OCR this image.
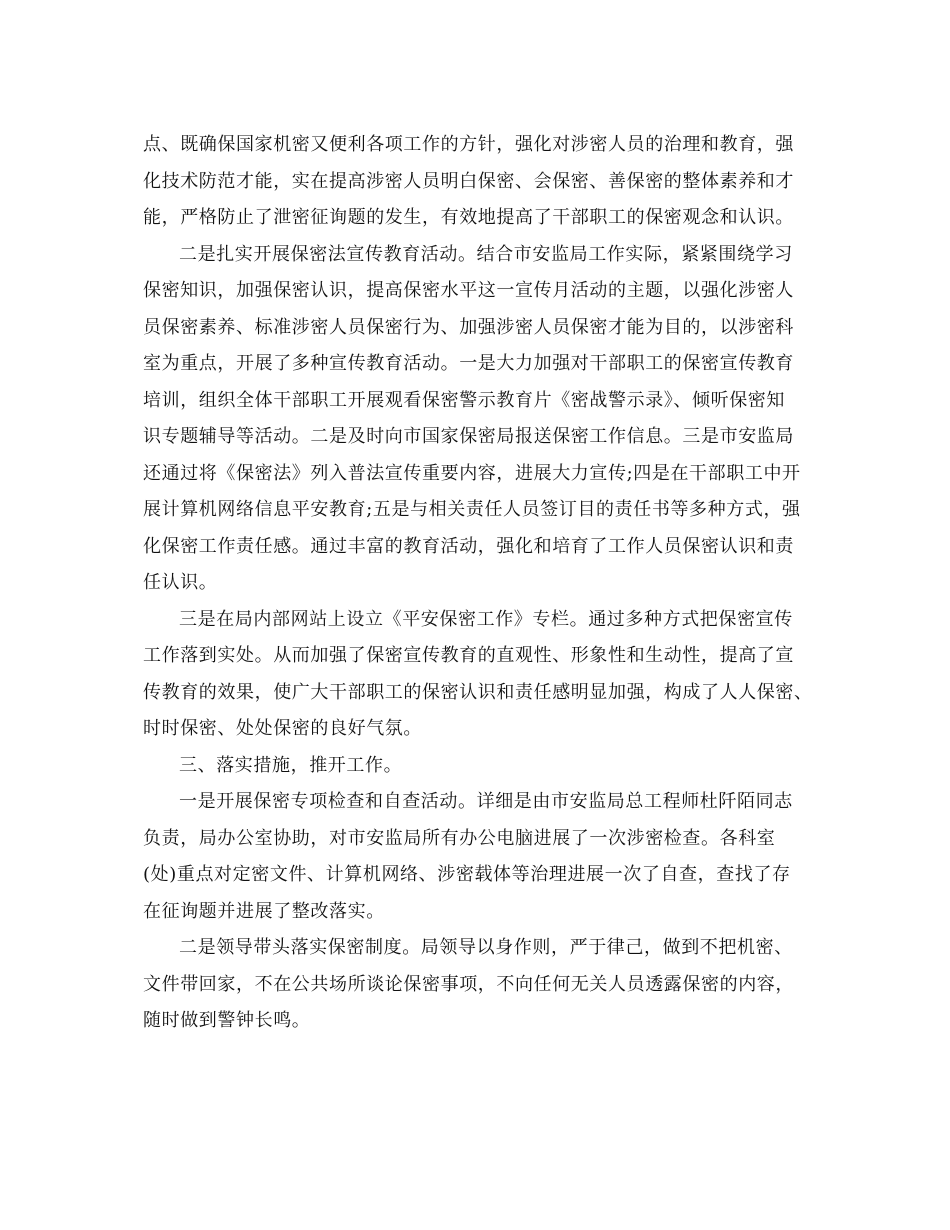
点、既确保国家机密又便利各项工作的方针，强化对涉密人员的治理和教育，强
化技术防范才能，实在提高涉密人员明白保密、会保密、善保密的整体素养和才
能，严格防止了泄密征询题的发生，有效地提高了干部职工的保密观念和认识。
二是扎实开展保密法宣传教育活动。结合市安监局工作实际，紧紧围绕学习
保密知识，加强保密认识，提高保密水平这一宣传月活动的主题，以强化涉密人
员保密素养、标准涉密人员保密行为、加强涉密人员保密才能为目的，以涉密科
室为重点，开展了多种宣传教育活动。一是大力加强对干部职工的保密宣传教育
培训，组织全体干部职工开展观看保密警示教育片《密战警示录》、倾听保密知
识专题辅导等活动。二是及时向市国家保密局报送保密工作信息。三是市安监局
还通过将《保密法》列入普法宣传重要内容，进展大力宣传;四是在干部职工中开
展计算机网络信息平安教育;五是与相关责任人员签订目的责任书等多种方式，强
化保密工作责任感。通过丰富的教育活动，强化和培育了工作人员保密认识和责
任认识。
三是在局内部网站上设立《平安保密工作》专栏。通过多种方式把保密宣传
工作落到实处。从而加强了保密宣传教育的直观性、形象性和生动性，提高了宣
传教育的效果，使广大干部职工的保密认识和责任感明显加强，构成了人人保密、
时时保密、处处保密的良好气氛。
三、落实措施，推开工作。
一是开展保密专项检查和自查活动。详细是由市安监局总工程师杜阡陌同志
负责，局办公室协助，对市安监局所有办公电脑进展了一次涉密检查。各科室
(处)重点对定密文件、计算机网络、涉密载体等治理进展一次了自查，查找了存
在征询题并进展了整改落实。
二是领导带头落实保密制度。局领导以身作则，严于律己，做到不把机密、
文件带回家，不在公共场所谈论保密事项，不向任何无关人员透露保密的内容，
随时做到警钟长鸣。
